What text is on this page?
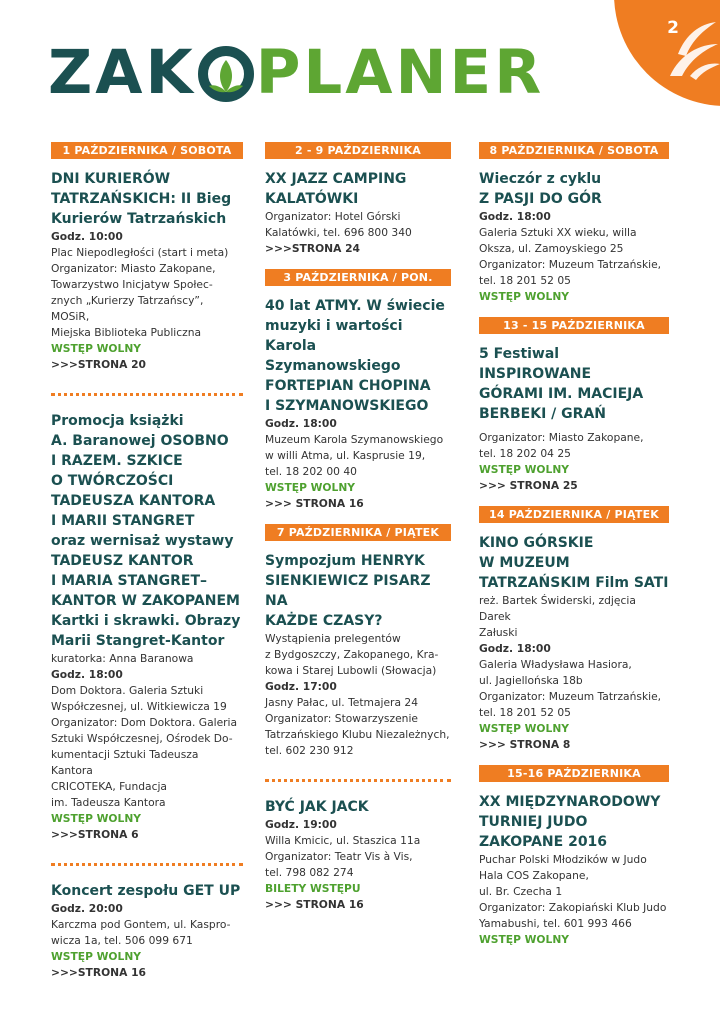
2
ZAK PLANER
1 PAŹDZIERNIKA / SOBOTA
DNI KURIERÓW
TATRZAŃSKICH: II Bieg
Kurierów Tatrzańskich
Godz. 10:00
Plac Niepodległości (start i meta)
Organizator: Miasto Zakopane,
Towarzystwo Inicjatyw Społec-
znych „Kurierzy Tatrzańscy”, MOSiR,
Miejska Biblioteka Publiczna
WSTĘP WOLNY
>>>STRONA 20
Promocja książki
A. Baranowej OSOBNO
I RAZEM. SZKICE
O TWÓRCZOŚCI
TADEUSZA KANTORA
I MARII STANGRET
oraz wernisaż wystawy
TADEUSZ KANTOR
I MARIA STANGRET–
KANTOR W ZAKOPANEM
Kartki i skrawki. Obrazy
Marii Stangret-Kantor
kuratorka: Anna Baranowa
Godz. 18:00
Dom Doktora. Galeria Sztuki
Współczesnej, ul. Witkiewicza 19
Organizator: Dom Doktora. Galeria
Sztuki Współczesnej, Ośrodek Do-
kumentacji Sztuki Tadeusza Kantora
CRICOTEKA, Fundacja
im. Tadeusza Kantora
WSTĘP WOLNY
>>>STRONA 6
Koncert zespołu GET UP
Godz. 20:00
Karczma pod Gontem, ul. Kaspro-
wicza 1a, tel. 506 099 671
WSTĘP WOLNY
>>>STRONA 16
2 - 9 PAŹDZIERNIKA
XX JAZZ CAMPING
KALATÓWKI
Organizator: Hotel Górski
Kalatówki, tel. 696 800 340
>>>STRONA 24
3 PAŹDZIERNIKA / PON.
40 lat ATMY. W świecie
muzyki i wartości
Karola Szymanowskiego
FORTEPIAN CHOPINA
I SZYMANOWSKIEGO
Godz. 18:00
Muzeum Karola Szymanowskiego
w willi Atma, ul. Kasprusie 19,
tel. 18 202 00 40
WSTĘP WOLNY
>>> STRONA 16
7 PAŹDZIERNIKA / PIĄTEK
Sympozjum HENRYK
SIENKIEWICZ PISARZ NA
KAŻDE CZASY?
Wystąpienia prelegentów
z Bydgoszczy, Zakopanego, Kra-
kowa i Starej Lubowli (Słowacja)
Godz. 17:00
Jasny Pałac, ul. Tetmajera 24
Organizator: Stowarzyszenie
Tatrzańskiego Klubu Niezależnych,
tel. 602 230 912
BYĆ JAK JACK
Godz. 19:00
Willa Kmicic, ul. Staszica 11a
Organizator: Teatr Vis à Vis,
tel. 798 082 274
BILETY WSTĘPU
>>> STRONA 16
8 PAŹDZIERNIKA / SOBOTA
Wieczór z cyklu
Z PASJI DO GÓR
Godz. 18:00
Galeria Sztuki XX wieku, willa
Oksza, ul. Zamoyskiego 25
Organizator: Muzeum Tatrzańskie,
tel. 18 201 52 05
WSTĘP WOLNY
13 - 15 PAŹDZIERNIKA
5 Festiwal INSPIROWANE
GÓRAMI IM. MACIEJA
BERBEKI / GRAŃ
Organizator: Miasto Zakopane,
tel. 18 202 04 25
WSTĘP WOLNY
>>> STRONA 25
14 PAŹDZIERNIKA / PIĄTEK
KINO GÓRSKIE
W MUZEUM
TATRZAŃSKIM Film SATI
reż. Bartek Świderski, zdjęcia Darek
Załuski
Godz. 18:00
Galeria Władysława Hasiora,
ul. Jagiellońska 18b
Organizator: Muzeum Tatrzańskie,
tel. 18 201 52 05
WSTĘP WOLNY
>>> STRONA 8
15-16 PAŹDZIERNIKA
XX MIĘDZYNARODOWY
TURNIEJ JUDO
ZAKOPANE 2016
Puchar Polski Młodzików w Judo
Hala COS Zakopane,
ul. Br. Czecha 1
Organizator: Zakopiański Klub Judo
Yamabushi, tel. 601 993 466
WSTĘP WOLNY
